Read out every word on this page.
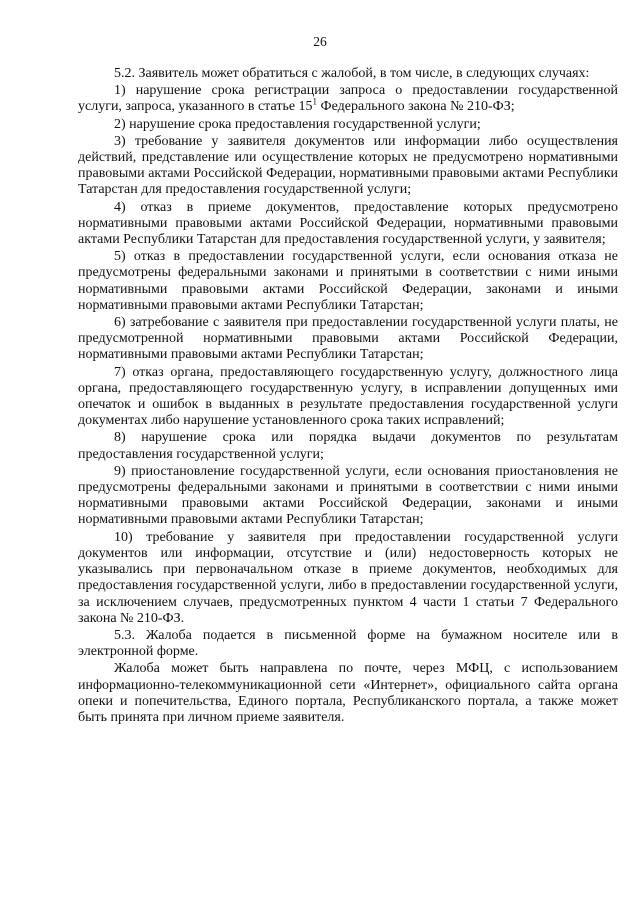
26

5.2. Заявитель может обратиться с жалобой, в том числе, в следующих случаях:

1) нарушение срока регистрации запроса о предоставлении государственной услуги, запроса, указанного в статье $15^1$ Федерального закона № 210-ФЗ;

2) нарушение срока предоставления государственной услуги;

3) требование у заявителя документов или информации либо осуществления действий, представление или осуществление которых не предусмотрено нормативными правовыми актами Российской Федерации, нормативными правовыми актами Республики Татарстан для предоставления государственной услуги;

4) отказ в приеме документов, предоставление которых предусмотрено нормативными правовыми актами Российской Федерации, нормативными правовыми актами Республики Татарстан для предоставления государственной услуги, у заявителя;

5) отказ в предоставлении государственной услуги, если основания отказа не предусмотрены федеральными законами и принятыми в соответствии с ними иными нормативными правовыми актами Российской Федерации, законами и иными нормативными правовыми актами Республики Татарстан;

6) затребование с заявителя при предоставлении государственной услуги платы, не предусмотренной нормативными правовыми актами Российской Федерации, нормативными правовыми актами Республики Татарстан;

7) отказ органа, предоставляющего государственную услугу, должностного лица органа, предоставляющего государственную услугу, в исправлении допущенных ими опечаток и ошибок в выданных в результате предоставления государственной услуги документах либо нарушение установленного срока таких исправлений;

8) нарушение срока или порядка выдачи документов по результатам предоставления государственной услуги;

9) приостановление государственной услуги, если основания приостановления не предусмотрены федеральными законами и принятыми в соответствии с ними иными нормативными правовыми актами Российской Федерации, законами и иными нормативными правовыми актами Республики Татарстан;

10) требование у заявителя при предоставлении государственной услуги документов или информации, отсутствие и (или) недостоверность которых не указывались при первоначальном отказе в приеме документов, необходимых для предоставления государственной услуги, либо в предоставлении государственной услуги, за исключением случаев, предусмотренных пунктом 4 части 1 статьи 7 Федерального закона № 210-ФЗ.

5.3. Жалоба подается в письменной форме на бумажном носителе или в электронной форме.

Жалоба может быть направлена по почте, через МФЦ, с использованием информационно-телекоммуникационной сети «Интернет», официального сайта органа опеки и попечительства, Единого портала, Республиканского портала, а также может быть принята при личном приеме заявителя.
